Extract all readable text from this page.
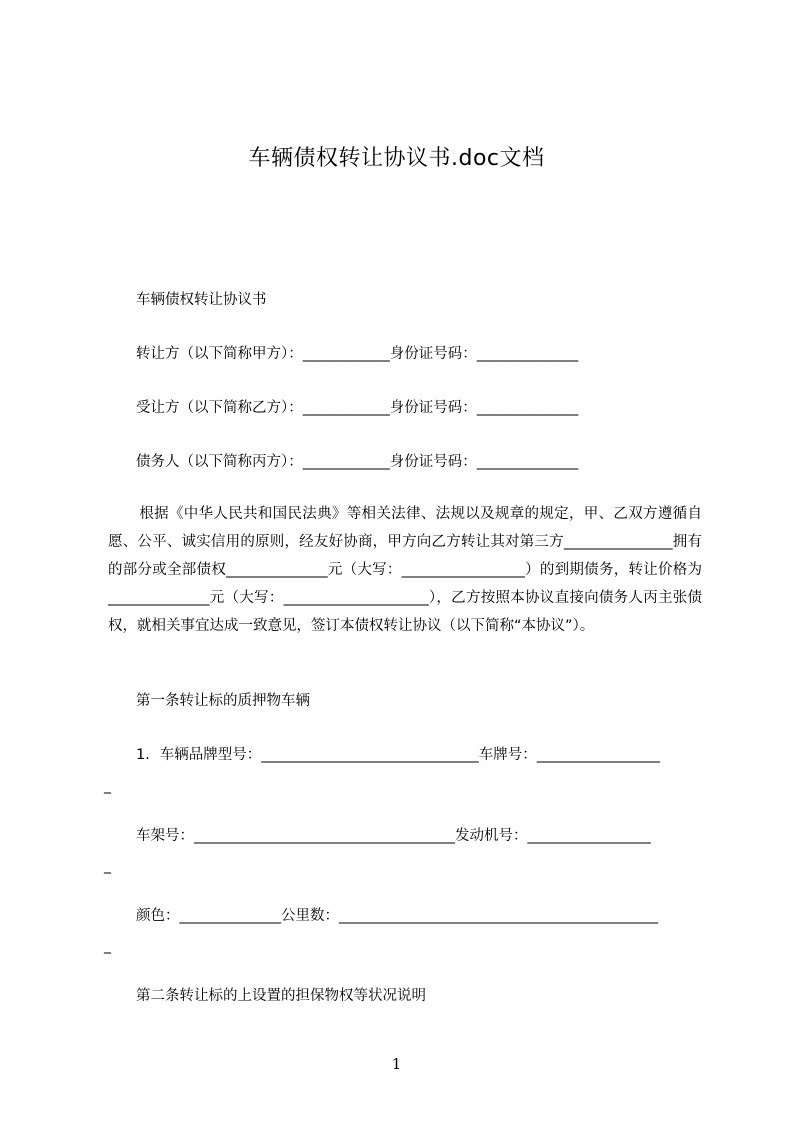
车辆债权转让协议书.doc文档
车辆债权转让协议书
转让方（以下简称甲方）：____________身份证号码：______________
受让方（以下简称乙方）：____________身份证号码：______________
债务人（以下简称丙方）：____________身份证号码：______________
根据《中华人民共和国民法典》等相关法律、法规以及规章的规定，甲、乙双方遵循自愿、公平、诚实信用的原则，经友好协商，甲方向乙方转让其对第三方_______________拥有的部分或全部债权______________元（大写：_________________）的到期债务，转让价格为______________元（大写：____________________），乙方按照本协议直接向债务人丙主张债权，就相关事宜达成一致意见，签订本债权转让协议（以下简称“本协议”）。
第一条转让标的质押物车辆
1．车辆品牌型号：______________________________车牌号：_________________
_
车架号：____________________________________发动机号：_________________
_
颜色：______________公里数：____________________________________________
_
第二条转让标的上设置的担保物权等状况说明
1
